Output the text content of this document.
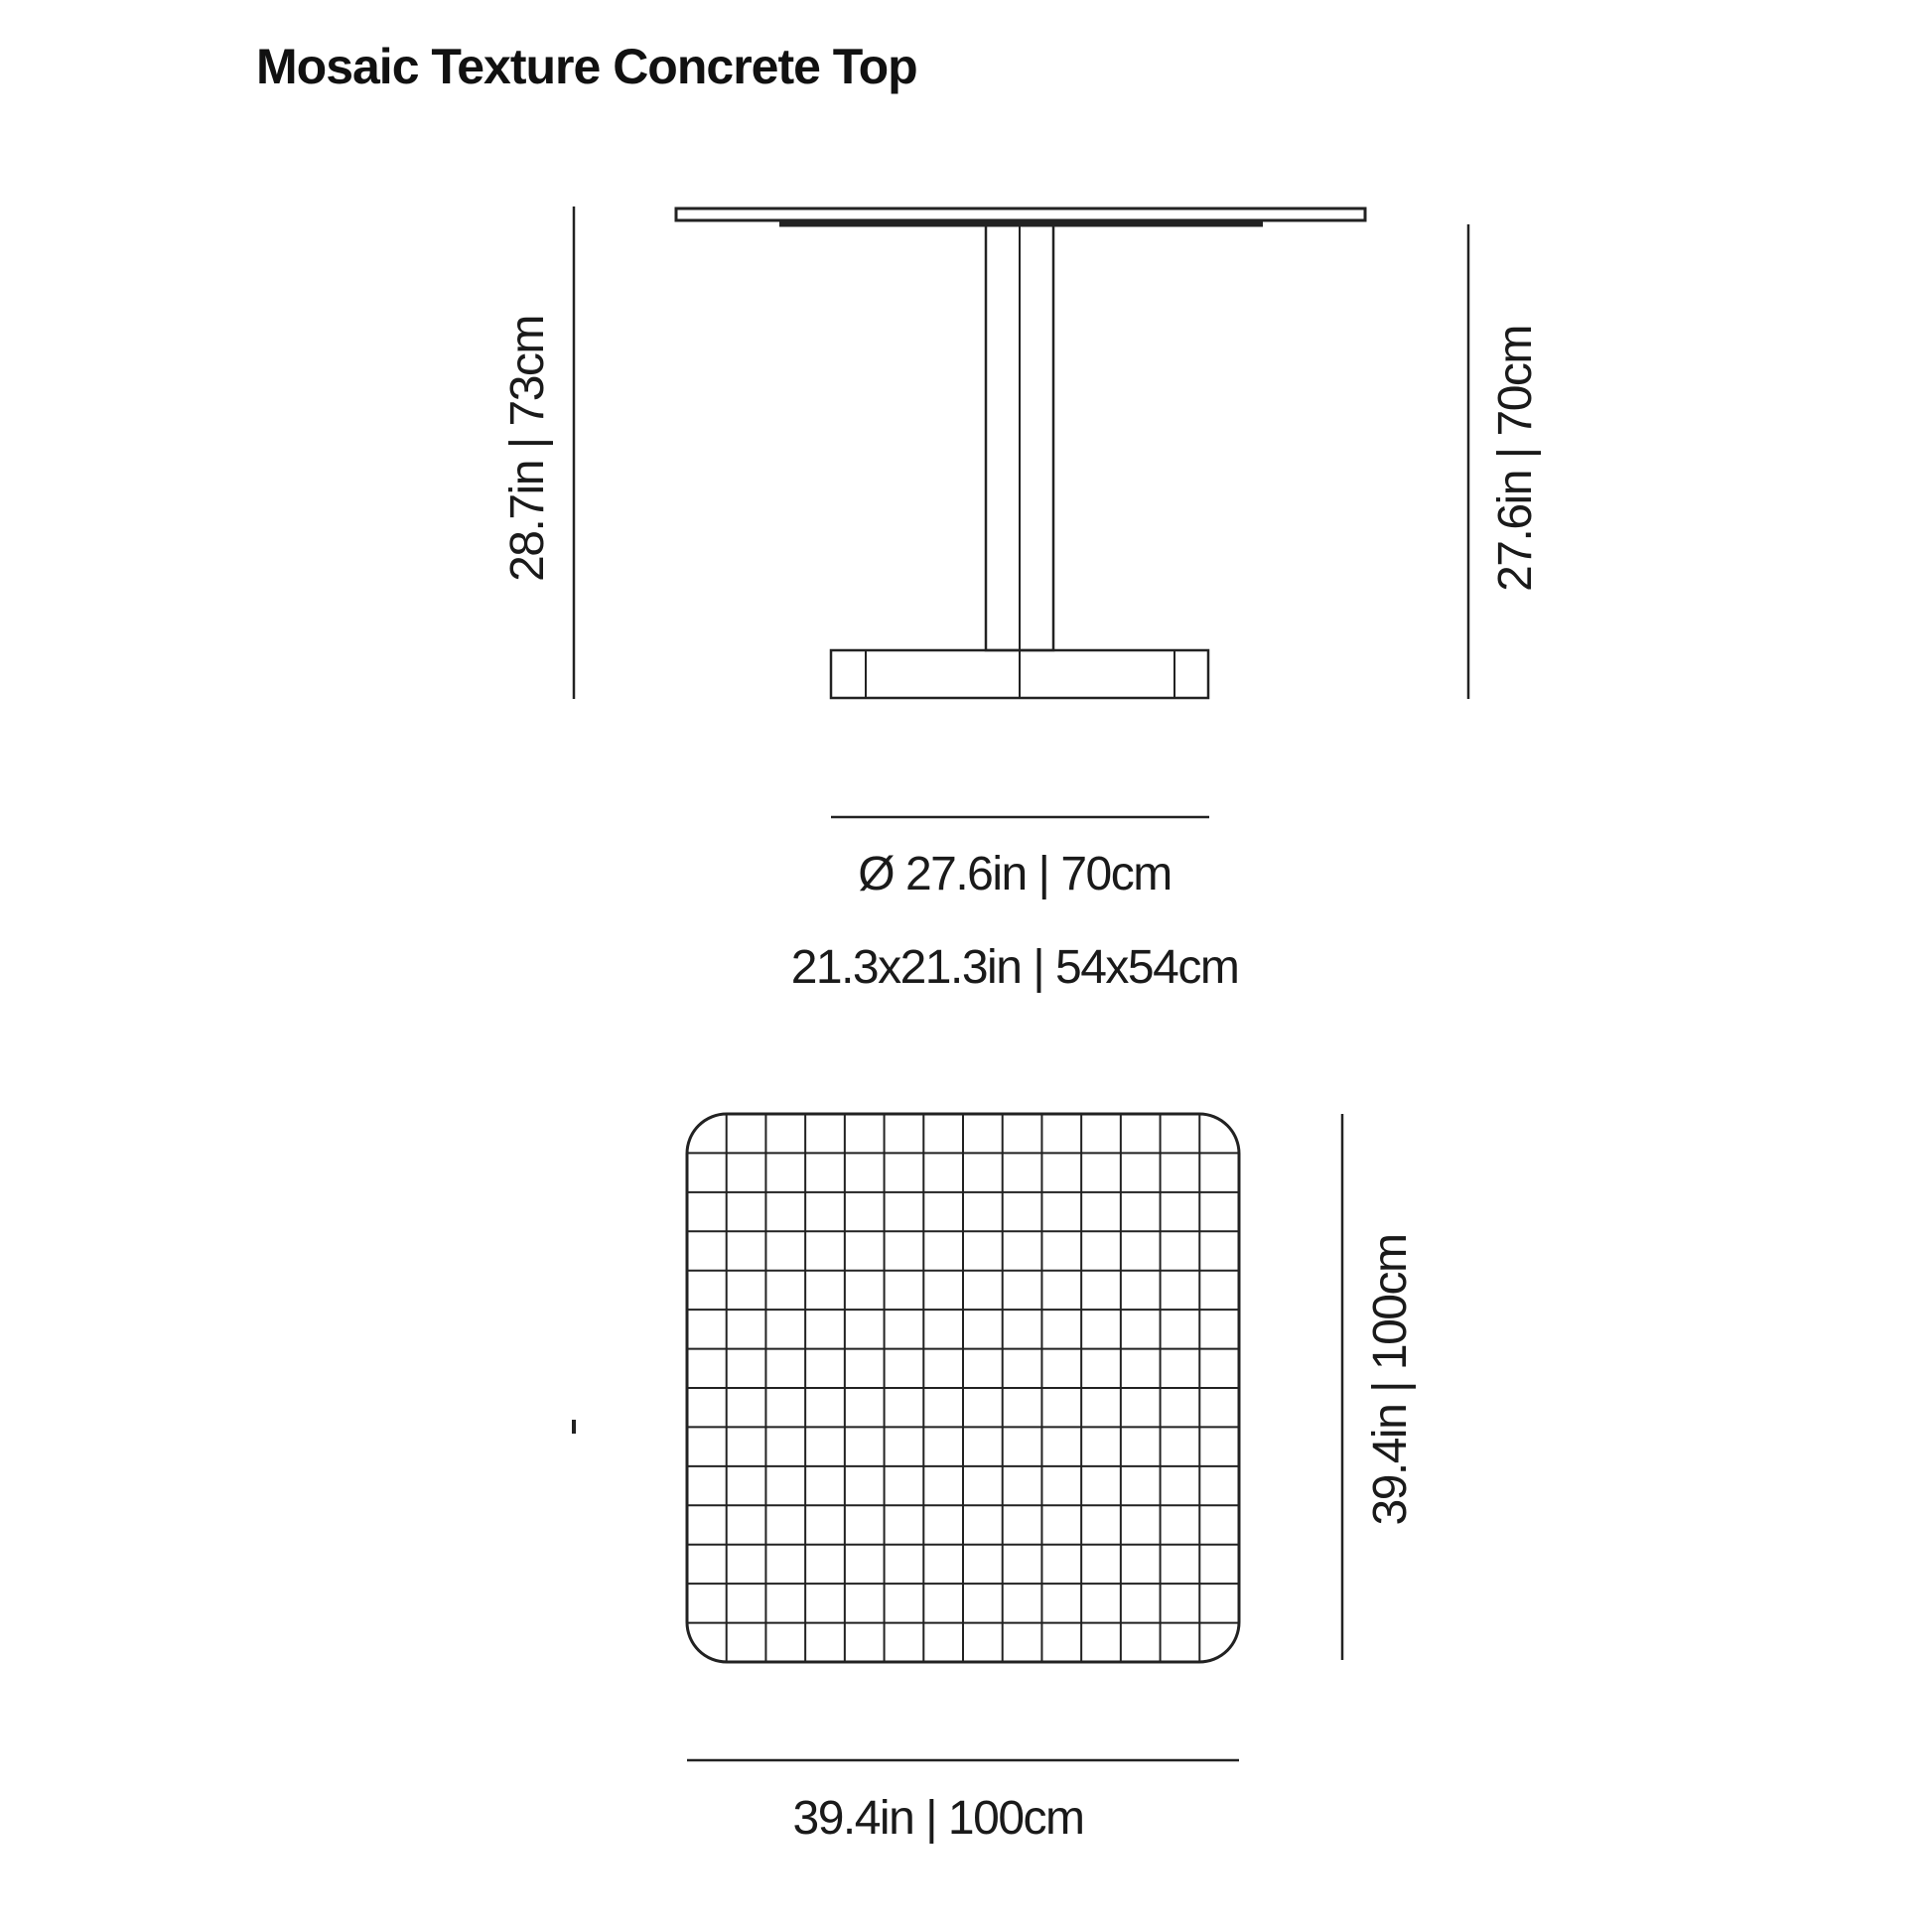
Mosaic Texture Concrete Top
28.7in | 73cm	27.6in | 70cm
Ø 27.6in | 70cm
21.3x21.3in | 54x54cm
39.4in | 100cm
39.4in | 100cm
